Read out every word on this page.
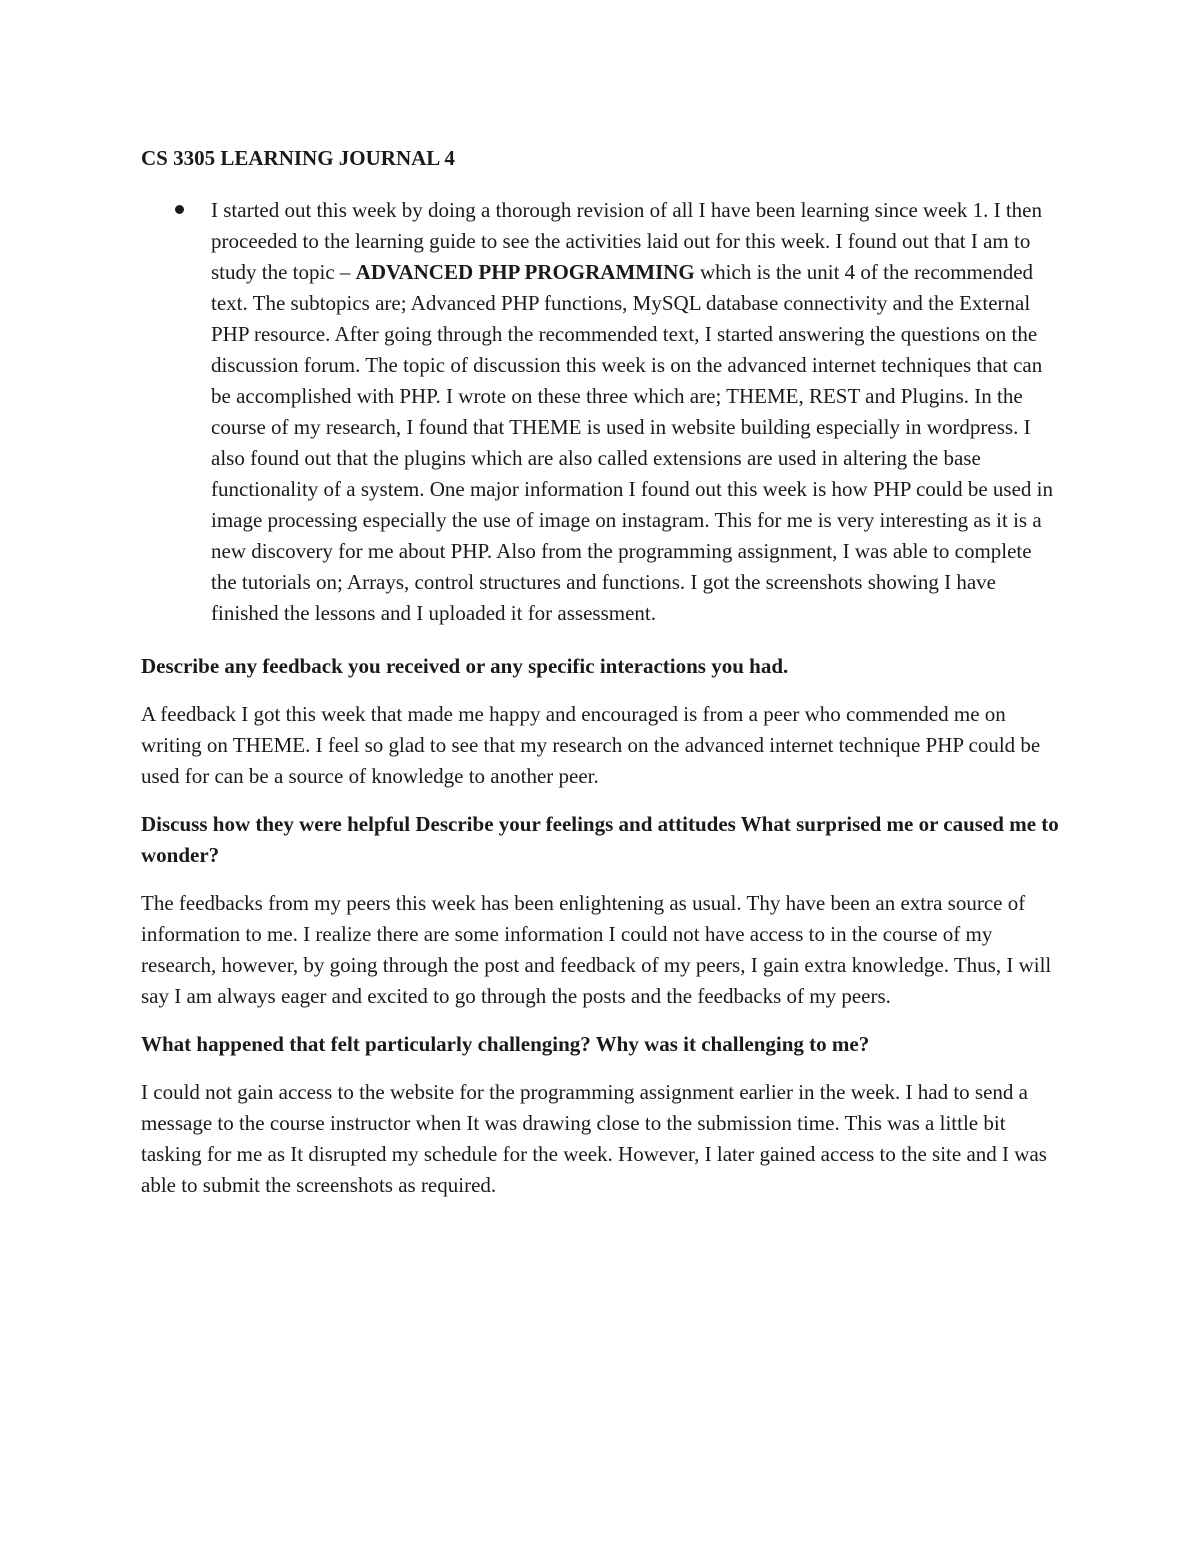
CS 3305 LEARNING JOURNAL 4
I started out this week by doing a thorough revision of all I have been learning since week 1. I then proceeded to the learning guide to see the activities laid out for this week. I found out that I am to study the topic – ADVANCED PHP PROGRAMMING which is the unit 4 of the recommended text. The subtopics are; Advanced PHP functions, MySQL database connectivity and the External PHP resource. After going through the recommended text, I started answering the questions on the discussion forum. The topic of discussion this week is on the advanced internet techniques that can be accomplished with PHP. I wrote on these three which are; THEME, REST and Plugins. In the course of my research, I found that THEME is used in website building especially in wordpress. I also found out that the plugins which are also called extensions are used in altering the base functionality of a system. One major information I found out this week is how PHP could be used in image processing especially the use of image on instagram. This for me is very interesting as it is a new discovery for me about PHP. Also from the programming assignment, I was able to complete the tutorials on; Arrays, control structures and functions. I got the screenshots showing I have finished the lessons and I uploaded it for assessment.
Describe any feedback you received or any specific interactions you had.

A feedback I got this week that made me happy and encouraged is from a peer who commended me on writing on THEME. I feel so glad to see that my research on the advanced internet technique PHP could be used for can be a source of knowledge to another peer.

Discuss how they were helpful Describe your feelings and attitudes What surprised me or caused me to wonder?

The feedbacks from my peers this week has been enlightening as usual. Thy have been an extra source of information to me. I realize there are some information I could not have access to in the course of my research, however, by going through the post and feedback of my peers, I gain extra knowledge. Thus, I will say I am always eager and excited to go through the posts and the feedbacks of my peers.

What happened that felt particularly challenging? Why was it challenging to me?

I could not gain access to the website for the programming assignment earlier in the week. I had to send a message to the course instructor when It was drawing close to the submission time. This was a little bit tasking for me as It disrupted my schedule for the week. However, I later gained access to the site and I was able to submit the screenshots as required.
